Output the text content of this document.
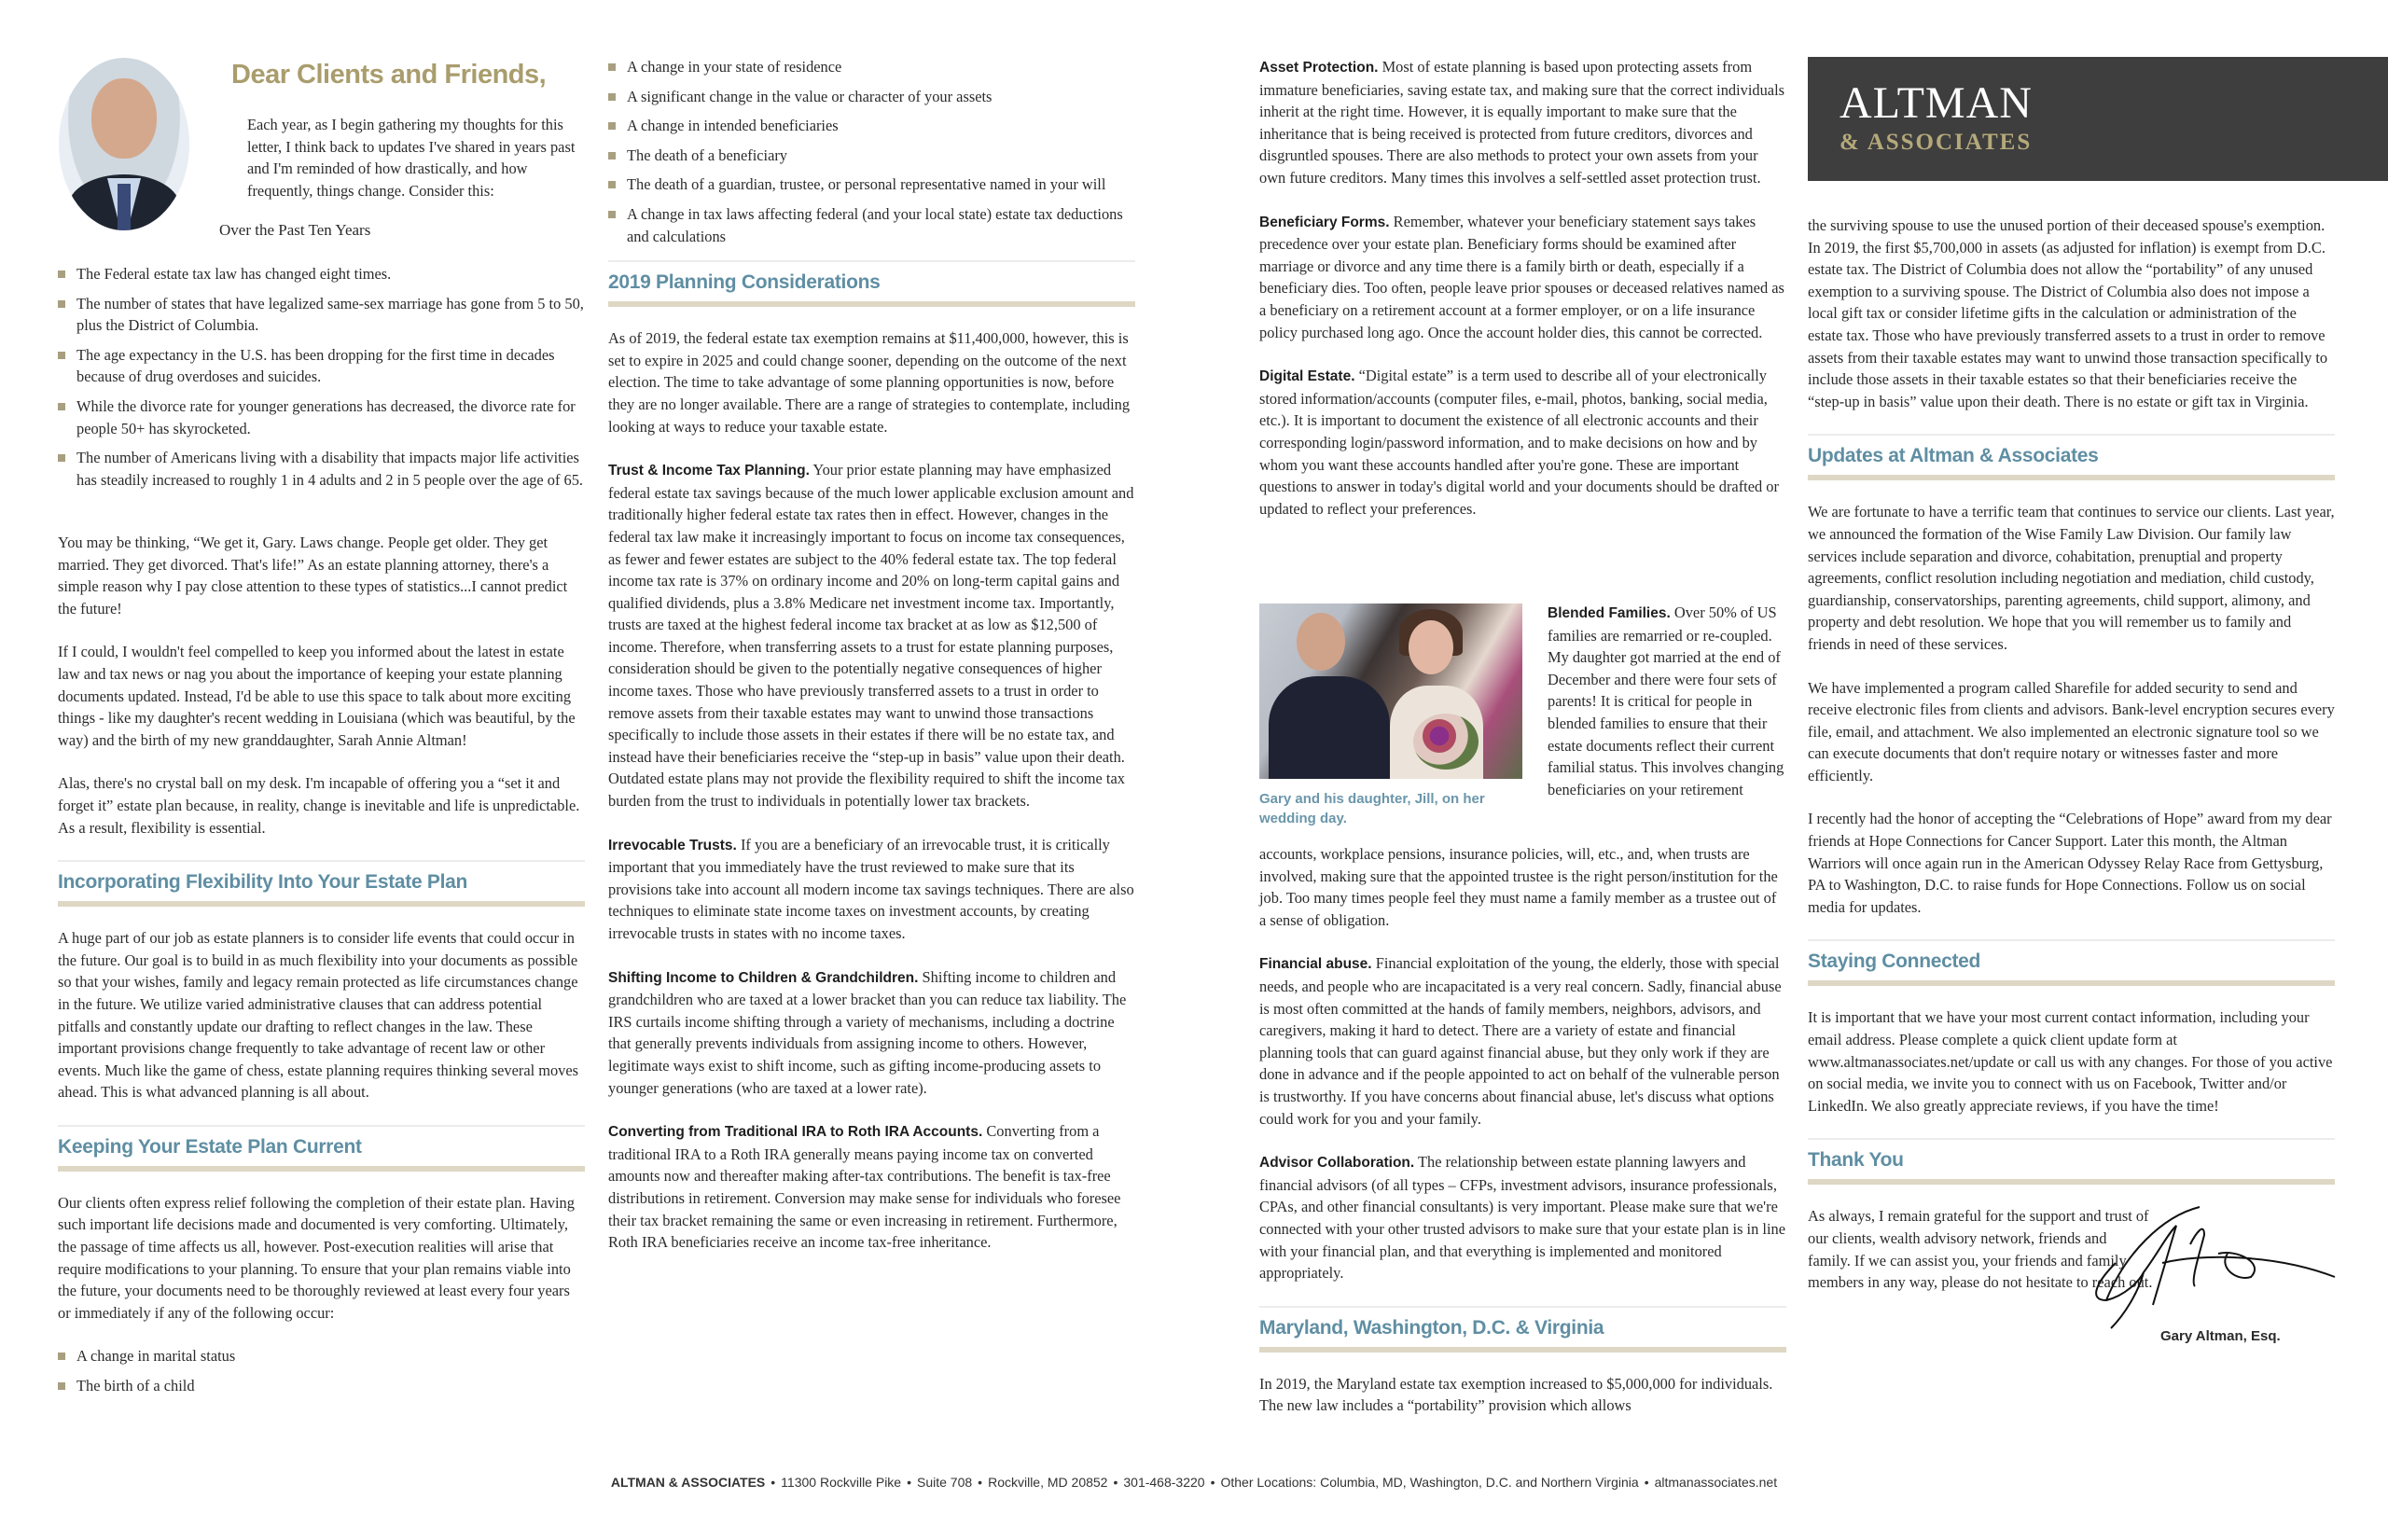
Dear Clients and Friends,

Each year, as I begin gathering my thoughts for this letter, I think back to updates I've shared in years past and I'm reminded of how drastically, and how frequently, things change. Consider this:

Over the Past Ten Years
The Federal estate tax law has changed eight times.
The number of states that have legalized same-sex marriage has gone from 5 to 50, plus the District of Columbia.
The age expectancy in the U.S. has been dropping for the first time in decades because of drug overdoses and suicides.
While the divorce rate for younger generations has decreased, the divorce rate for people 50+ has skyrocketed.
The number of Americans living with a disability that impacts major life activities has steadily increased to roughly 1 in 4 adults and 2 in 5 people over the age of 65.

You may be thinking, “We get it, Gary. Laws change. People get older. They get married. They get divorced. That's life!” As an estate planning attorney, there's a simple reason why I pay close attention to these types of statistics...I cannot predict the future!

If I could, I wouldn't feel compelled to keep you informed about the latest in estate law and tax news or nag you about the importance of keeping your estate planning documents updated. Instead, I'd be able to use this space to talk about more exciting things - like my daughter's recent wedding in Louisiana (which was beautiful, by the way) and the birth of my new granddaughter, Sarah Annie Altman!

Alas, there's no crystal ball on my desk. I'm incapable of offering you a “set it and forget it” estate plan because, in reality, change is inevitable and life is unpredictable. As a result, flexibility is essential.

Incorporating Flexibility Into Your Estate Plan

A huge part of our job as estate planners is to consider life events that could occur in the future. Our goal is to build in as much flexibility into your documents as possible so that your wishes, family and legacy remain protected as life circumstances change in the future. We utilize varied administrative clauses that can address potential pitfalls and constantly update our drafting to reflect changes in the law. These important provisions change frequently to take advantage of recent law or other events. Much like the game of chess, estate planning requires thinking several moves ahead. This is what advanced planning is all about.

Keeping Your Estate Plan Current

Our clients often express relief following the completion of their estate plan. Having such important life decisions made and documented is very comforting. Ultimately, the passage of time affects us all, however. Post-execution realities will arise that require modifications to your planning. To ensure that your plan remains viable into the future, your documents need to be thoroughly reviewed at least every four years or immediately if any of the following occur:

A change in marital status
The birth of a child
A change in your state of residence
A significant change in the value or character of your assets
A change in intended beneficiaries
The death of a beneficiary
The death of a guardian, trustee, or personal representative named in your will
A change in tax laws affecting federal (and your local state) estate tax deductions and calculations
2019 Planning Considerations

As of 2019, the federal estate tax exemption remains at $11,400,000, however, this is set to expire in 2025 and could change sooner, depending on the outcome of the next election. The time to take advantage of some planning opportunities is now, before they are no longer available. There are a range of strategies to contemplate, including looking at ways to reduce your taxable estate.

Trust & Income Tax Planning. Your prior estate planning may have emphasized federal estate tax savings because of the much lower applicable exclusion amount and traditionally higher federal estate tax rates then in effect. However, changes in the federal tax law make it increasingly important to focus on income tax consequences, as fewer and fewer estates are subject to the 40% federal estate tax. The top federal income tax rate is 37% on ordinary income and 20% on long-term capital gains and qualified dividends, plus a 3.8% Medicare net investment income tax. Importantly, trusts are taxed at the highest federal income tax bracket at as low as $12,500 of income. Therefore, when transferring assets to a trust for estate planning purposes, consideration should be given to the potentially negative consequences of higher income taxes. Those who have previously transferred assets to a trust in order to remove assets from their taxable estates may want to unwind those transactions specifically to include those assets in their estates if there will be no estate tax, and instead have their beneficiaries receive the “step-up in basis” value upon their death. Outdated estate plans may not provide the flexibility required to shift the income tax burden from the trust to individuals in potentially lower tax brackets.

Irrevocable Trusts. If you are a beneficiary of an irrevocable trust, it is critically important that you immediately have the trust reviewed to make sure that its provisions take into account all modern income tax savings techniques. There are also techniques to eliminate state income taxes on investment accounts, by creating irrevocable trusts in states with no income taxes.

Shifting Income to Children & Grandchildren. Shifting income to children and grandchildren who are taxed at a lower bracket than you can reduce tax liability. The IRS curtails income shifting through a variety of mechanisms, including a doctrine that generally prevents individuals from assigning income to others. However, legitimate ways exist to shift income, such as gifting income-producing assets to younger generations (who are taxed at a lower rate).

Converting from Traditional IRA to Roth IRA Accounts. Converting from a traditional IRA to a Roth IRA generally means paying income tax on converted amounts now and thereafter making after-tax contributions. The benefit is tax-free distributions in retirement. Conversion may make sense for individuals who foresee their tax bracket remaining the same or even increasing in retirement. Furthermore, Roth IRA beneficiaries receive an income tax-free inheritance.

Asset Protection. Most of estate planning is based upon protecting assets from immature beneficiaries, saving estate tax, and making sure that the correct individuals inherit at the right time. However, it is equally important to make sure that the inheritance that is being received is protected from future creditors, divorces and disgruntled spouses. There are also methods to protect your own assets from your own future creditors. Many times this involves a self-settled asset protection trust.

Beneficiary Forms. Remember, whatever your beneficiary statement says takes precedence over your estate plan. Beneficiary forms should be examined after marriage or divorce and any time there is a family birth or death, especially if a beneficiary dies. Too often, people leave prior spouses or deceased relatives named as a beneficiary on a retirement account at a former employer, or on a life insurance policy purchased long ago. Once the account holder dies, this cannot be corrected.

Digital Estate. “Digital estate” is a term used to describe all of your electronically stored information/accounts (computer files, e-mail, photos, banking, social media, etc.). It is important to document the existence of all electronic accounts and their corresponding login/password information, and to make decisions on how and by whom you want these accounts handled after you're gone. These are important questions to answer in today's digital world and your documents should be drafted or updated to reflect your preferences.

Gary and his daughter, Jill, on her wedding day.

Blended Families. Over 50% of US families are remarried or re-coupled. My daughter got married at the end of December and there were four sets of parents! It is critical for people in blended families to ensure that their estate documents reflect their current familial status. This involves changing beneficiaries on your retirement

accounts, workplace pensions, insurance policies, will, etc., and, when trusts are involved, making sure that the appointed trustee is the right person/institution for the job. Too many times people feel they must name a family member as a trustee out of a sense of obligation.

Financial abuse. Financial exploitation of the young, the elderly, those with special needs, and people who are incapacitated is a very real concern. Sadly, financial abuse is most often committed at the hands of family members, neighbors, advisors, and caregivers, making it hard to detect. There are a variety of estate and financial planning tools that can guard against financial abuse, but they only work if they are done in advance and if the people appointed to act on behalf of the vulnerable person is trustworthy. If you have concerns about financial abuse, let's discuss what options could work for you and your family.

Advisor Collaboration. The relationship between estate planning lawyers and financial advisors (of all types – CFPs, investment advisors, insurance professionals, CPAs, and other financial consultants) is very important. Please make sure that we're connected with your other trusted advisors to make sure that your estate plan is in line with your financial plan, and that everything is implemented and monitored appropriately.

Maryland, Washington, D.C. & Virginia

In 2019, the Maryland estate tax exemption increased to $5,000,000 for individuals. The new law includes a “portability” provision which allows

ALTMAN
& ASSOCIATES

the surviving spouse to use the unused portion of their deceased spouse's exemption. In 2019, the first $5,700,000 in assets (as adjusted for inflation) is exempt from D.C. estate tax. The District of Columbia does not allow the “portability” of any unused exemption to a surviving spouse. The District of Columbia also does not impose a local gift tax or consider lifetime gifts in the calculation or administration of the estate tax. Those who have previously transferred assets to a trust in order to remove assets from their taxable estates may want to unwind those transaction specifically to include those assets in their taxable estates so that their beneficiaries receive the “step-up in basis” value upon their death. There is no estate or gift tax in Virginia.

Updates at Altman & Associates

We are fortunate to have a terrific team that continues to service our clients. Last year, we announced the formation of the Wise Family Law Division. Our family law services include separation and divorce, cohabitation, prenuptial and property agreements, conflict resolution including negotiation and mediation, child custody, guardianship, conservatorships, parenting agreements, child support, alimony, and property and debt resolution. We hope that you will remember us to family and friends in need of these services.

We have implemented a program called Sharefile for added security to send and receive electronic files from clients and advisors. Bank-level encryption secures every file, email, and attachment. We also implemented an electronic signature tool so we can execute documents that don't require notary or witnesses faster and more efficiently.

I recently had the honor of accepting the “Celebrations of Hope” award from my dear friends at Hope Connections for Cancer Support. Later this month, the Altman Warriors will once again run in the American Odyssey Relay Race from Gettysburg, PA to Washington, D.C. to raise funds for Hope Connections. Follow us on social media for updates.

Staying Connected

It is important that we have your most current contact information, including your email address. Please complete a quick client update form at www.altmanassociates.net/update or call us with any changes. For those of you active on social media, we invite you to connect with us on Facebook, Twitter and/or LinkedIn. We also greatly appreciate reviews, if you have the time!

Thank You

As always, I remain grateful for the support and trust of our clients, wealth advisory network, friends and family. If we can assist you, your friends and family members in any way, please do not hesitate to reach out.

Gary Altman, Esq.
ALTMAN & ASSOCIATES • 11300 Rockville Pike • Suite 708 • Rockville, MD 20852 • 301-468-3220 • Other Locations: Columbia, MD, Washington, D.C. and Northern Virginia • altmanassociates.net
